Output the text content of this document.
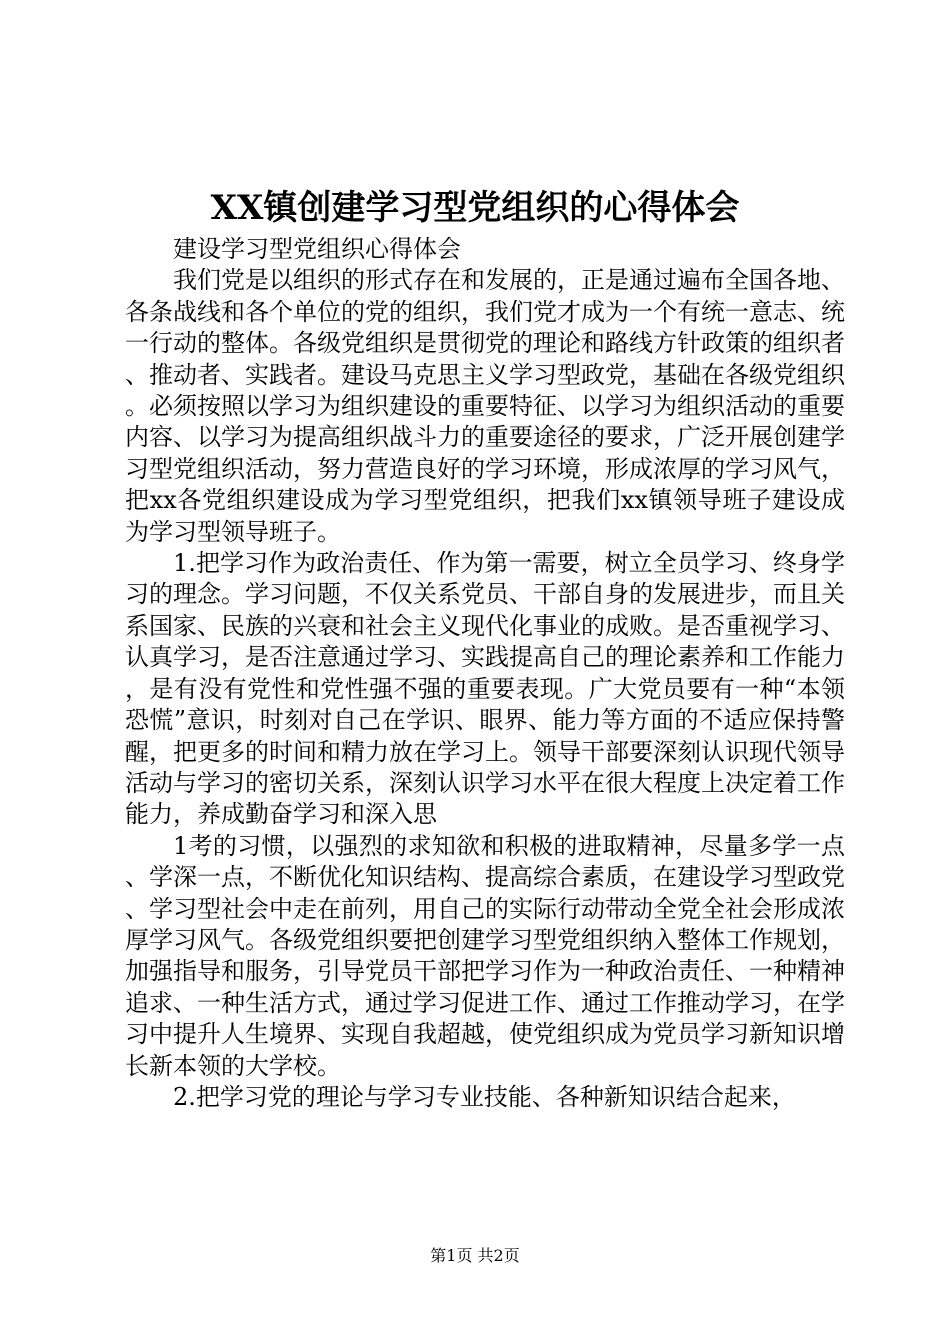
XX镇创建学习型党组织的心得体会

建设学习型党组织心得体会

我们党是以组织的形式存在和发展的，正是通过遍布全国各地、各条战线和各个单位的党的组织，我们党才成为一个有统一意志、统一行动的整体。各级党组织是贯彻党的理论和路线方针政策的组织者、推动者、实践者。建设马克思主义学习型政党，基础在各级党组织。必须按照以学习为组织建设的重要特征、以学习为组织活动的重要内容、以学习为提高组织战斗力的重要途径的要求，广泛开展创建学习型党组织活动，努力营造良好的学习环境，形成浓厚的学习风气，把xx各党组织建设成为学习型党组织，把我们xx镇领导班子建设成为学习型领导班子。

1.把学习作为政治责任、作为第一需要，树立全员学习、终身学习的理念。学习问题，不仅关系党员、干部自身的发展进步，而且关系国家、民族的兴衰和社会主义现代化事业的成败。是否重视学习、认真学习，是否注意通过学习、实践提高自己的理论素养和工作能力，是有没有党性和党性强不强的重要表现。广大党员要有一种“本领恐慌”意识，时刻对自己在学识、眼界、能力等方面的不适应保持警醒，把更多的时间和精力放在学习上。领导干部要深刻认识现代领导活动与学习的密切关系，深刻认识学习水平在很大程度上决定着工作能力，养成勤奋学习和深入思

1考的习惯，以强烈的求知欲和积极的进取精神，尽量多学一点、学深一点，不断优化知识结构、提高综合素质，在建设学习型政党、学习型社会中走在前列，用自己的实际行动带动全党全社会形成浓厚学习风气。各级党组织要把创建学习型党组织纳入整体工作规划，加强指导和服务，引导党员干部把学习作为一种政治责任、一种精神追求、一种生活方式，通过学习促进工作、通过工作推动学习，在学习中提升人生境界、实现自我超越，使党组织成为党员学习新知识增长新本领的大学校。

2.把学习党的理论与学习专业技能、各种新知识结合起来，

第1页 共2页
